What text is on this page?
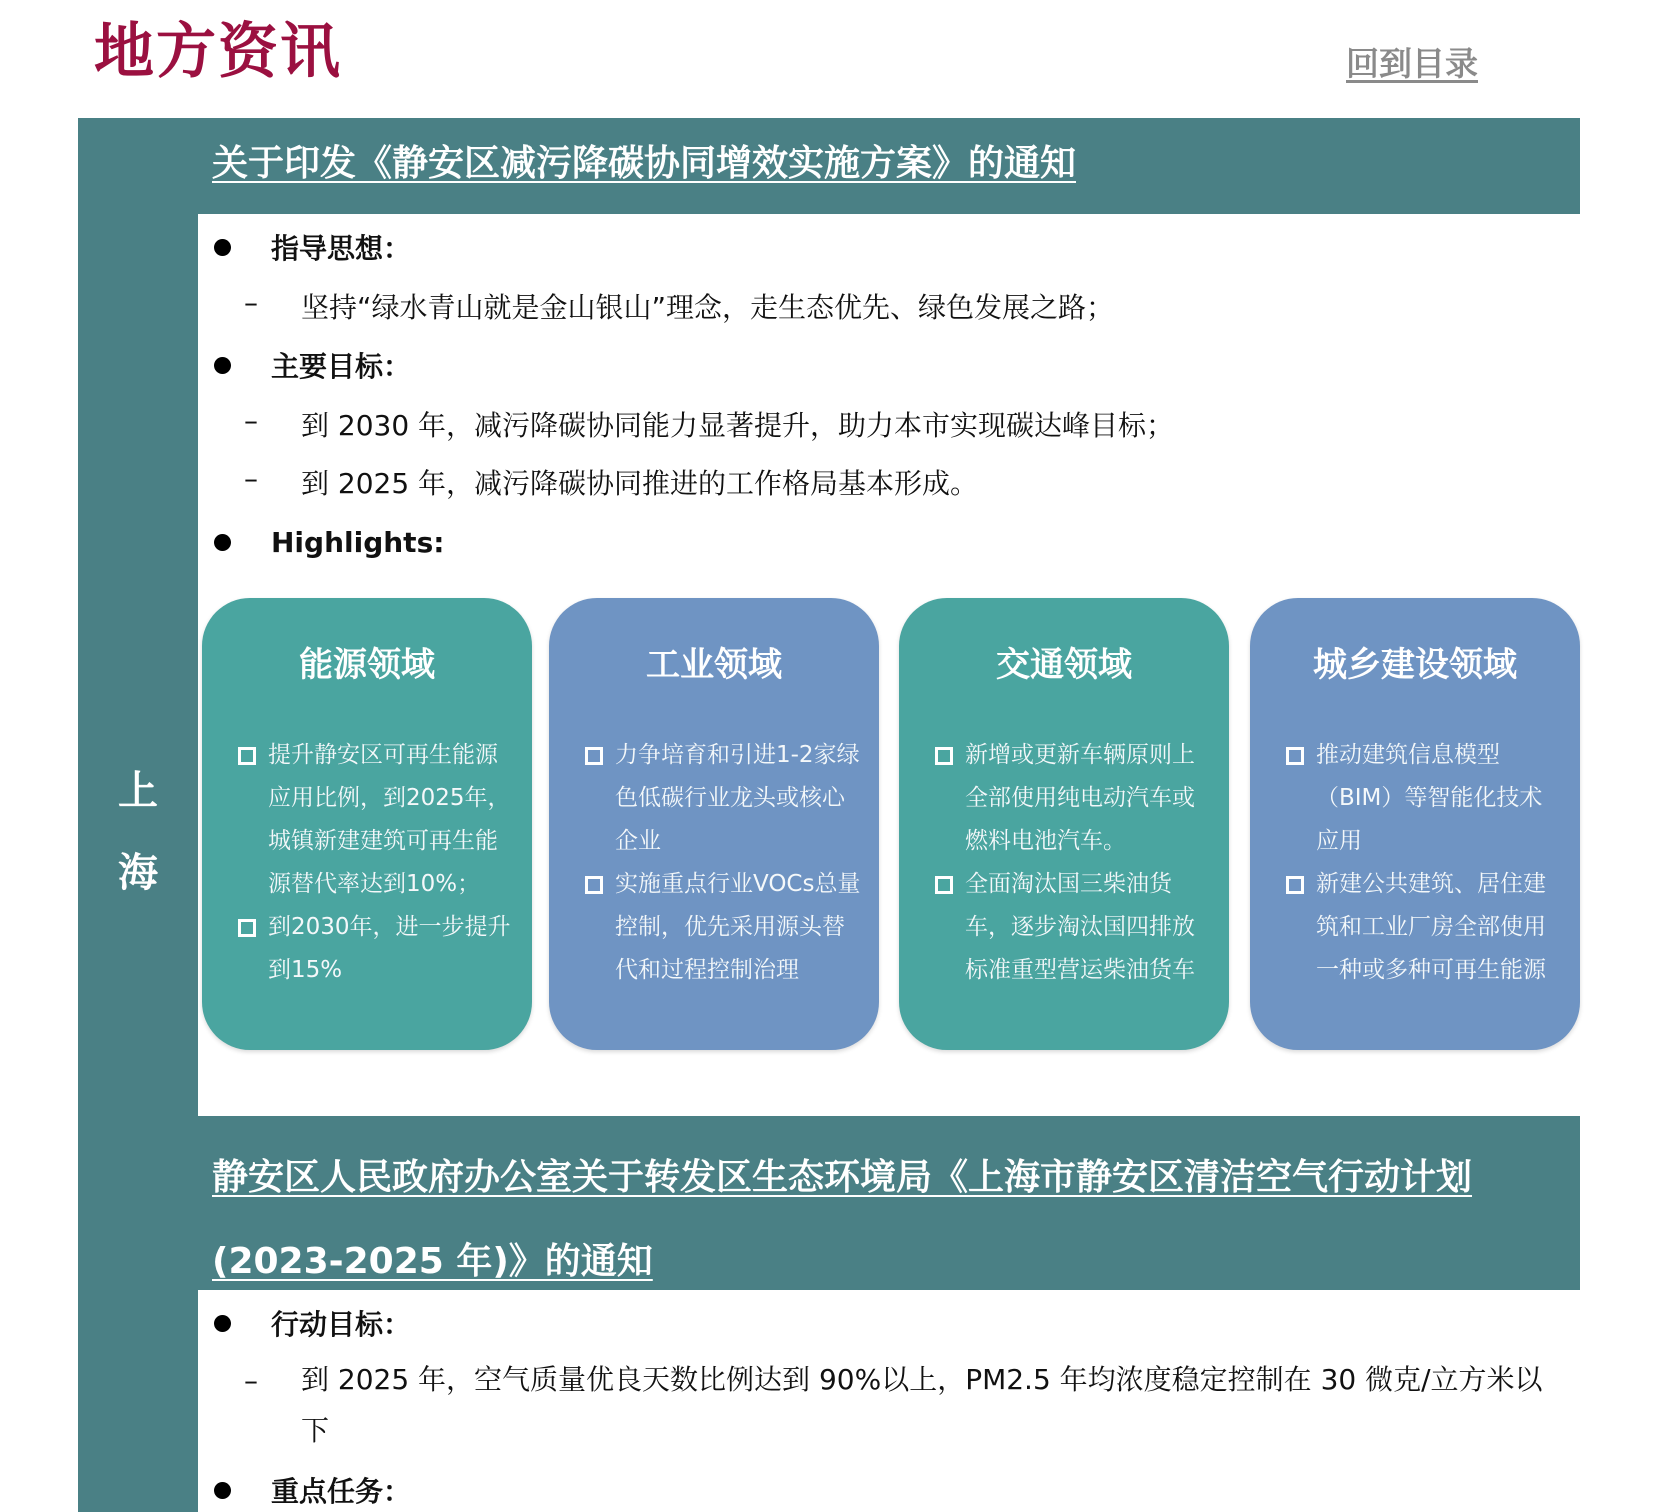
地方资讯	回到目录
上
海
关于印发《静安区减污降碳协同增效实施方案》的通知
指导思想：
– 坚持“绿水青山就是金山银山”理念，走生态优先、绿色发展之路；
主要目标：
– 到 2030 年，减污降碳协同能力显著提升，助力本市实现碳达峰目标；
– 到 2025 年，减污降碳协同推进的工作格局基本形成。
Highlights:
能源领域
提升静安区可再生能源应用比例，到2025年，城镇新建建筑可再生能源替代率达到10%；
到2030年，进一步提升到15%
工业领域
力争培育和引进1-2家绿色低碳行业龙头或核心企业
实施重点行业VOCs总量控制，优先采用源头替代和过程控制治理
交通领域
新增或更新车辆原则上全部使用纯电动汽车或燃料电池汽车。
全面淘汰国三柴油货车，逐步淘汰国四排放标准重型营运柴油货车
城乡建设领域
推动建筑信息模型（BIM）等智能化技术应用
新建公共建筑、居住建筑和工业厂房全部使用一种或多种可再生能源
静安区人民政府办公室关于转发区生态环境局《上海市静安区清洁空气行动计划(2023-2025 年)》的通知
行动目标：
– 到 2025 年，空气质量优良天数比例达到 90%以上，PM2.5 年均浓度稳定控制在 30 微克/立方米以下
重点任务：
